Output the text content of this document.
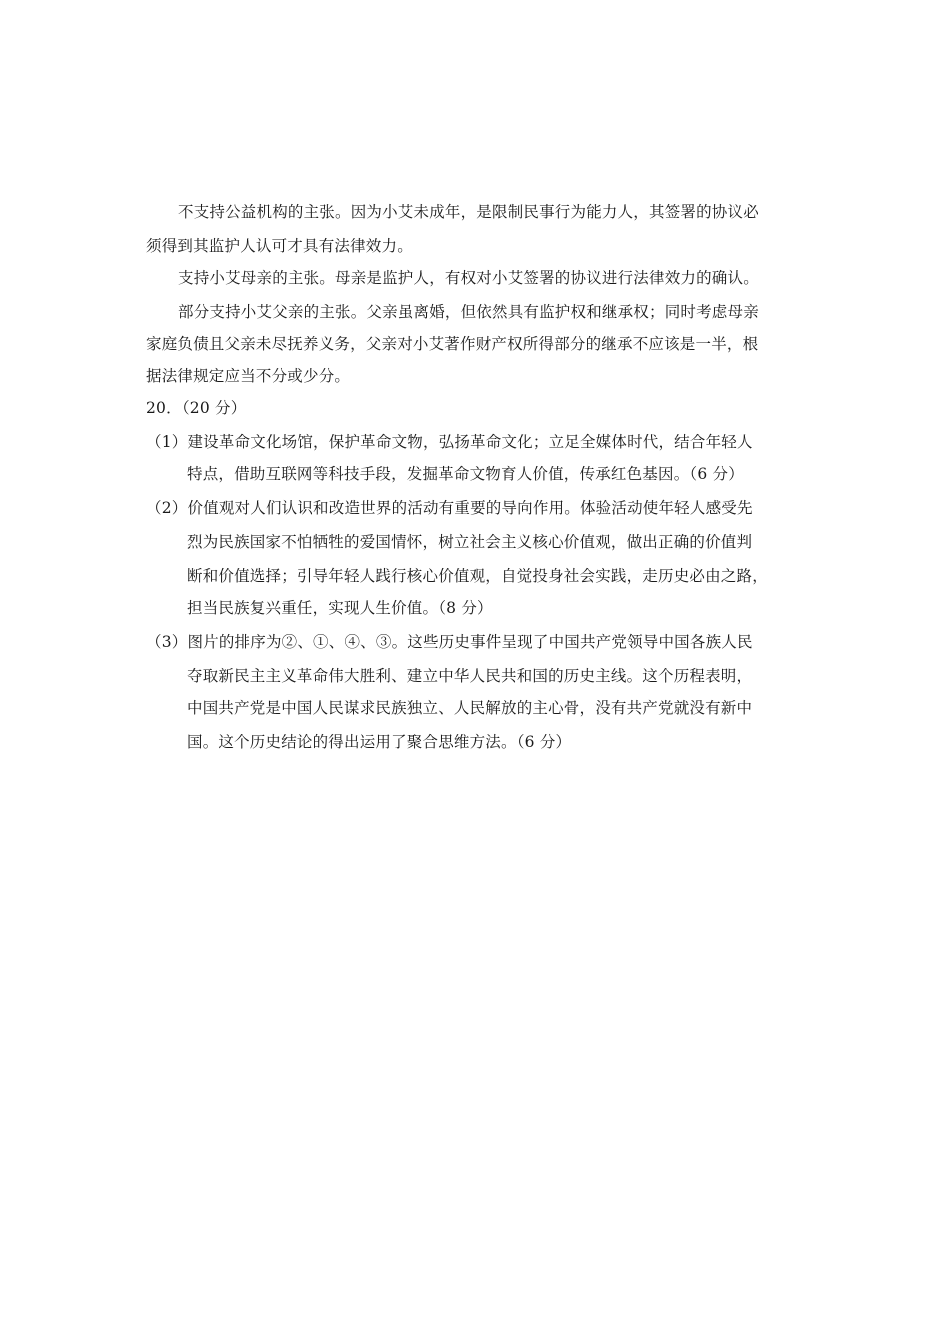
不支持公益机构的主张。因为小艾未成年，是限制民事行为能力人，其签署的协议必
须得到其监护人认可才具有法律效力。
支持小艾母亲的主张。母亲是监护人，有权对小艾签署的协议进行法律效力的确认。
部分支持小艾父亲的主张。父亲虽离婚，但依然具有监护权和继承权；同时考虑母亲
家庭负债且父亲未尽抚养义务，父亲对小艾著作财产权所得部分的继承不应该是一半，根
据法律规定应当不分或少分。
20．（20 分）
（1）建设革命文化场馆，保护革命文物，弘扬革命文化；立足全媒体时代，结合年轻人
特点，借助互联网等科技手段，发掘革命文物育人价值，传承红色基因。（6 分）
（2）价值观对人们认识和改造世界的活动有重要的导向作用。体验活动使年轻人感受先
烈为民族国家不怕牺牲的爱国情怀，树立社会主义核心价值观，做出正确的价值判
断和价值选择；引导年轻人践行核心价值观，自觉投身社会实践，走历史必由之路，
担当民族复兴重任，实现人生价值。（8 分）
（3）图片的排序为②、①、④、③。这些历史事件呈现了中国共产党领导中国各族人民
夺取新民主主义革命伟大胜利、建立中华人民共和国的历史主线。这个历程表明，
中国共产党是中国人民谋求民族独立、人民解放的主心骨，没有共产党就没有新中
国。这个历史结论的得出运用了聚合思维方法。（6 分）
